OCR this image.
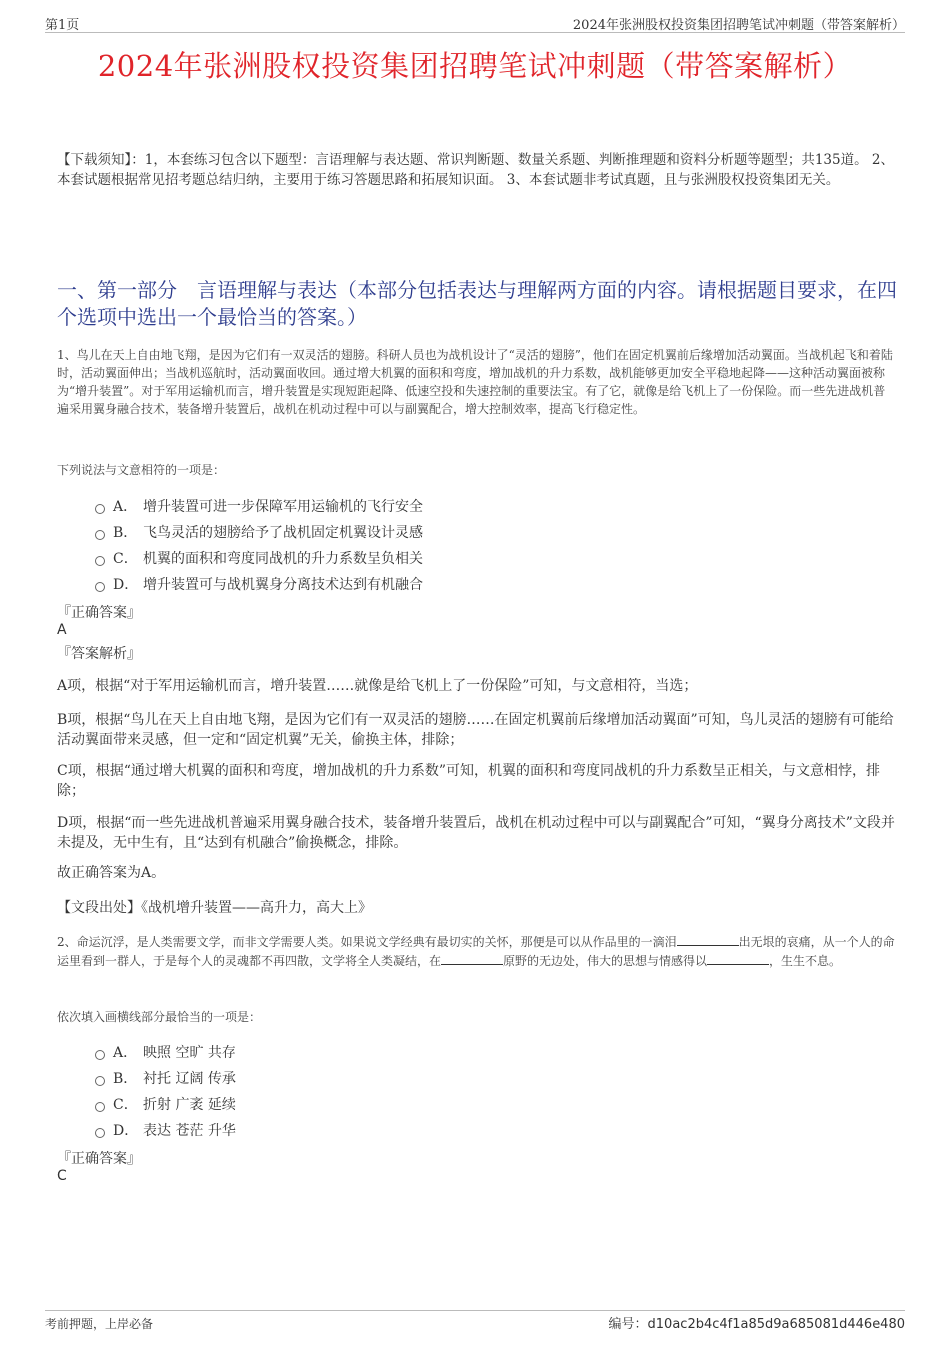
第1页	2024年张洲股权投资集团招聘笔试冲刺题（带答案解析）
2024年张洲股权投资集团招聘笔试冲刺题（带答案解析）
【下载须知】：1，本套练习包含以下题型：言语理解与表达题、常识判断题、数量关系题、判断推理题和资料分析题等题型；共135道。 2、本套试题根据常见招考题总结归纳，主要用于练习答题思路和拓展知识面。 3、本套试题非考试真题，且与张洲股权投资集团无关。
一、第一部分　言语理解与表达（本部分包括表达与理解两方面的内容。请根据题目要求，在四个选项中选出一个最恰当的答案。）
1、鸟儿在天上自由地飞翔，是因为它们有一双灵活的翅膀。科研人员也为战机设计了“灵活的翅膀”，他们在固定机翼前后缘增加活动翼面。当战机起飞和着陆时，活动翼面伸出；当战机巡航时，活动翼面收回。通过增大机翼的面积和弯度，增加战机的升力系数，战机能够更加安全平稳地起降——这种活动翼面被称为“增升装置”。对于军用运输机而言，增升装置是实现短距起降、低速空投和失速控制的重要法宝。有了它，就像是给飞机上了一份保险。而一些先进战机普遍采用翼身融合技术，装备增升装置后，战机在机动过程中可以与副翼配合，增大控制效率，提高飞行稳定性。
下列说法与文意相符的一项是：
A． 增升装置可进一步保障军用运输机的飞行安全
B． 飞鸟灵活的翅膀给予了战机固定机翼设计灵感
C． 机翼的面积和弯度同战机的升力系数呈负相关
D． 增升装置可与战机翼身分离技术达到有机融合
『正确答案』
A
『答案解析』
A项，根据“对于军用运输机而言，增升装置……就像是给飞机上了一份保险”可知，与文意相符，当选；
B项，根据“鸟儿在天上自由地飞翔，是因为它们有一双灵活的翅膀……在固定机翼前后缘增加活动翼面”可知，鸟儿灵活的翅膀有可能给活动翼面带来灵感，但一定和“固定机翼”无关，偷换主体，排除；
C项，根据“通过增大机翼的面积和弯度，增加战机的升力系数”可知，机翼的面积和弯度同战机的升力系数呈正相关，与文意相悖，排除；
D项，根据“而一些先进战机普遍采用翼身融合技术，装备增升装置后，战机在机动过程中可以与副翼配合”可知，“翼身分离技术”文段并未提及，无中生有，且“达到有机融合”偷换概念，排除。
故正确答案为A。
【文段出处】《战机增升装置——高升力，高大上》
2、命运沉浮，是人类需要文学，而非文学需要人类。如果说文学经典有最切实的关怀，那便是可以从作品里的一滴泪	出无垠的哀痛，从一个人的命运里看到一群人，于是每个人的灵魂都不再四散，文学将全人类凝结，在	原野的无边处，伟大的思想与情感得以	，生生不息。
依次填入画横线部分最恰当的一项是：
A． 映照 空旷 共存
B． 衬托 辽阔 传承
C． 折射 广袤 延续
D． 表达 苍茫 升华
『正确答案』
C
考前押题，上岸必备	编号：d10ac2b4c4f1a85d9a685081d446e480
